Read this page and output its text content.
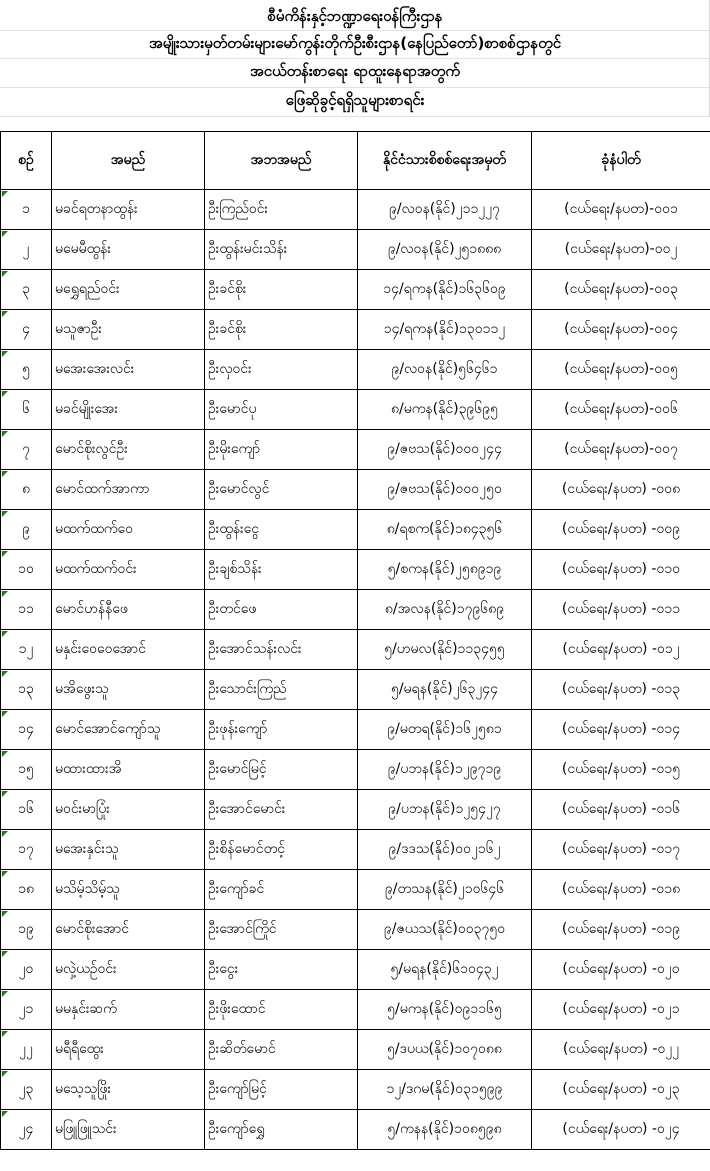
စီမံကိန်းနှင့်ဘဏ္ဍာရေးဝန်ကြီးဌာန
အမျိုးသားမှတ်တမ်းများမော်ကွန်းတိုက်ဦးစီးဌာန(နေပြည်တော်)စာစစ်ဌာနတွင်
အငယ်တန်းစာရေး ရာထူးနေရာအတွက်
ဖြေဆိုခွင့်ရရှိသူများစာရင်း
စဉ်	အမည်	အဘအမည်	နိုင်ငံသားစိစစ်ရေးအမှတ်	ခုံနံပါတ်
၁	မခင်ရတနာထွန်း	ဦးကြည်ဝင်း	၉/လဝန(နိုင်)၂၁၁၂၂၇	(ငယ်ရေး/နပတ)-၀၀၁
၂	မမေမီထွန်း	ဦးထွန်းမင်းသိန်း	၉/လဝန(နိုင်)၂၅၁၈၈၈	(ငယ်ရေး/နပတ)-၀၀၂
၃	မရွှေရည်ဝင်း	ဦးခင်စိုး	၁၄/ရကန(နိုင်)၁၆၃၆၀၉	(ငယ်ရေး/နပတ)-၀၀၃
၄	မသူဇာဦး	ဦးခင်စိုး	၁၄/ရကန(နိုင်)၁၃၀၁၁၂	(ငယ်ရေး/နပတ)-၀၀၄
၅	မအေးအေးလင်း	ဦးလှဝင်း	၉/လဝန(နိုင်)၅၆၄၆၁	(ငယ်ရေး/နပတ)-၀၀၅
၆	မခင်မျိုးအေး	ဦးမောင်ပု	၈/မကန(နိုင်)၃၉၆၉၅	(ငယ်ရေး/နပတ)-၀၀၆
၇	မောင်စိုးလွင်ဦး	ဦးမိုးကျော်	၉/ဇဗသ(နိုင်)၀၀၀၂၄၄	(ငယ်ရေး/နပတ)-၀၀၇
၈	မောင်ထက်အာကာ	ဦးမောင်လွင်	၉/ဇဗသ(နိုင်)၀၀၀၂၅၀	(ငယ်ရေး/နပတ) -၀၀၈
၉	မထက်ထက်ဝေ	ဦးထွန်းငွေ	၈/ရစက(နိုင်)၁၈၄၃၅၆	(ငယ်ရေး/နပတ) -၀၀၉
၁၀	မထက်ထက်ဝင်း	ဦးချစ်သိန်း	၅/စကန(နိုင်)၂၅၈၉၁၉	(ငယ်ရေး/နပတ) -၀၁၀
၁၁	မောင်ဟန်နီဖေ	ဦးတင်ဖေ	၈/အလန(နိုင်)၁၇၉၆၈၉	(ငယ်ရေး/နပတ) -၀၁၁
၁၂	မနှင်းဝေဝေအောင်	ဦးအောင်သန်းလင်း	၅/ဟမလ(နိုင်)၁၁၃၄၅၅	(ငယ်ရေး/နပတ) -၀၁၂
၁၃	မအိဖွေးသူ	ဦးသောင်းကြည်	၅/မရန(နိုင်)၂၆၃၂၄၄	(ငယ်ရေး/နပတ) -၀၁၃
၁၄	မောင်အောင်ကျော်သူ	ဦးဖုန်းကျော်	၉/မတရ(နိုင်)၁၆၂၅၈၁	(ငယ်ရေး/နပတ) -၀၁၄
၁၅	မထားထားအိ	ဦးမောင်မြင့်	၉/ပဘန(နိုင်)၁၂၉၇၁၉	(ငယ်ရေး/နပတ) -၀၁၅
၁၆	မဝင်းမာပြုံး	ဦးအောင်မောင်း	၉/ပဘန(နိုင်)၁၂၅၄၂၇	(ငယ်ရေး/နပတ) -၀၁၆
၁၇	မအေးနှင်းသူ	ဦးစိန်မောင်တင့်	၉/ဒဒသ(နိုင်)၀၀၂၁၆၂	(ငယ်ရေး/နပတ) -၀၁၇
၁၈	မသိမ့်သိမ့်သူ	ဦးကျော်ခင်	၉/တသန(နိုင်)၂၁၀၆၄၆	(ငယ်ရေး/နပတ) -၀၁၈
၁၉	မောင်စိုးအောင်	ဦးအောင်ကြိုင်	၉/ဇယသ(နိုင်)၀၀၃၇၅၀	(ငယ်ရေး/နပတ) -၀၁၉
၂၀	မလှဲ့ယဉ်ဝင်း	ဦးငွေး	၅/မရန(နိုင်)၆၁၀၄၃၂	(ငယ်ရေး/နပတ) -၀၂၀
၂၁	မမနှင်းဆက်	ဦးဖိုးထောင်	၅/မကန(နိုင်)၀၉၁၁၆၅	(ငယ်ရေး/နပတ) -၀၂၁
၂၂	မရီရီထွေး	ဦးဆိတ်မောင်	၅/ဒပယ(နိုင်)၁၀၇၀၈၈	(ငယ်ရေး/နပတ) -၀၂၂
၂၃	မသေ့သူဖြိုး	ဦးကျော်မြင့်	၁၂/ဒဂမ(နိုင်)၀၃၁၅၉၉	(ငယ်ရေး/နပတ) -၀၂၃
၂၄	မဖြူဖြူသင်း	ဦးကျော်ရွှေ	၅/ကနန(နိုင်)၁၀၈၅၉၈	(ငယ်ရေး/နပတ) -၀၂၄
